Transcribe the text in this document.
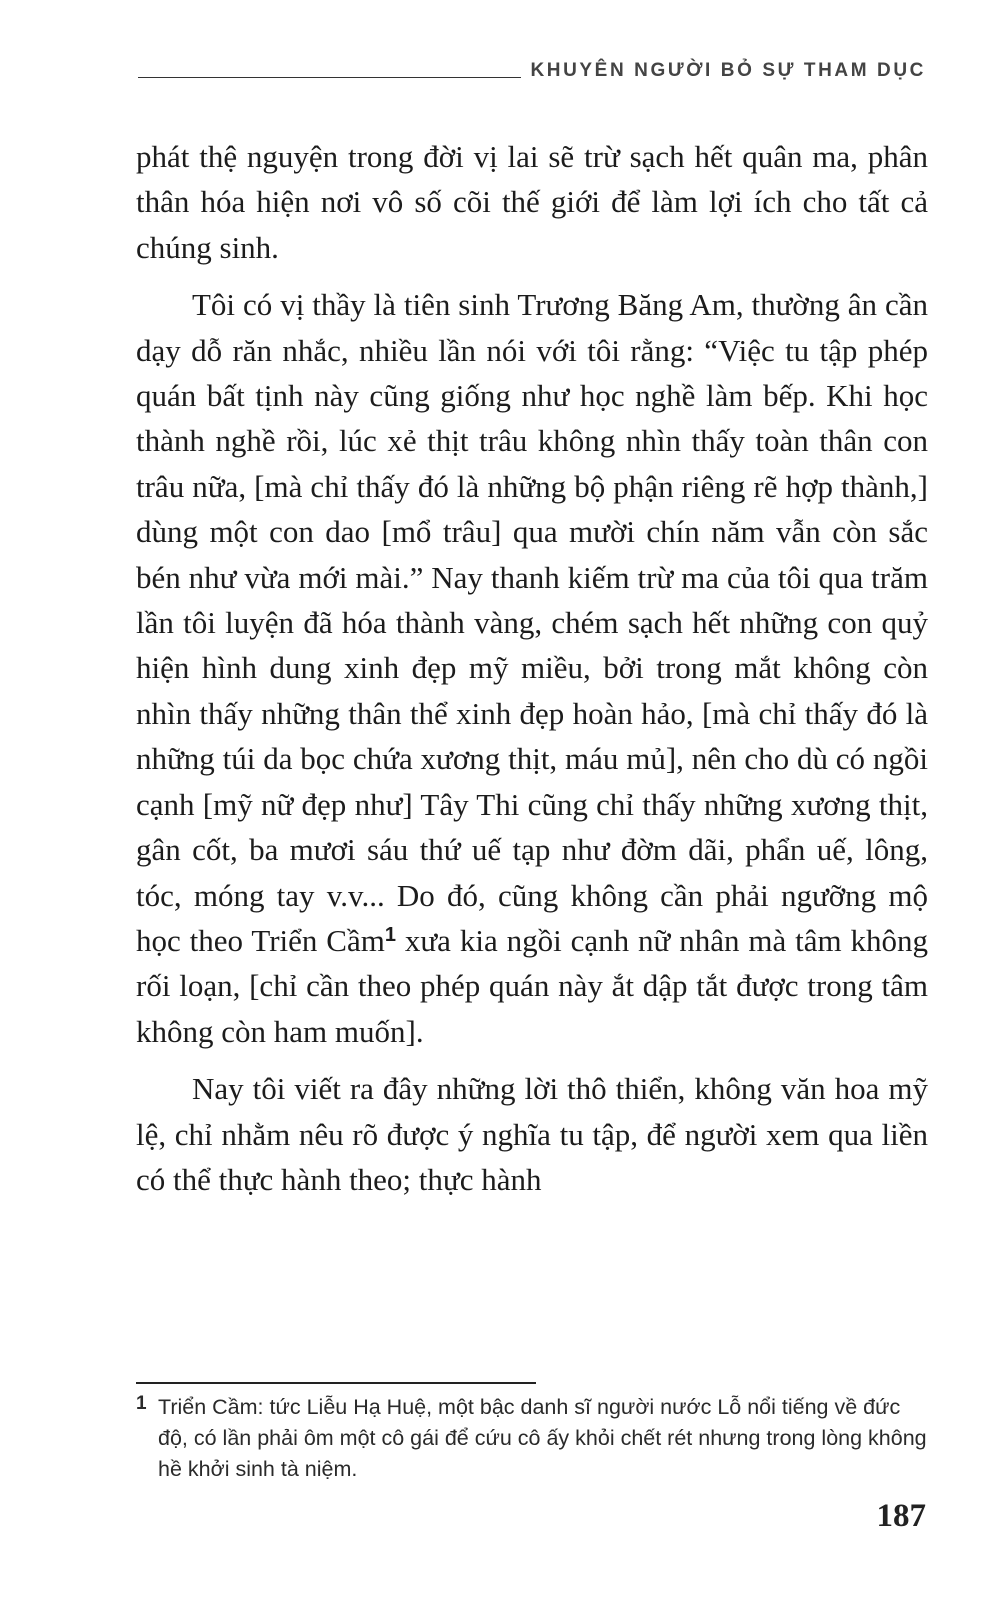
KHUYÊN NGƯỜI BỎ SỰ THAM DỤC

phát thệ nguyện trong đời vị lai sẽ trừ sạch hết quân ma, phân thân hóa hiện nơi vô số cõi thế giới để làm lợi ích cho tất cả chúng sinh.

Tôi có vị thầy là tiên sinh Trương Băng Am, thường ân cần dạy dỗ răn nhắc, nhiều lần nói với tôi rằng: “Việc tu tập phép quán bất tịnh này cũng giống như học nghề làm bếp. Khi học thành nghề rồi, lúc xẻ thịt trâu không nhìn thấy toàn thân con trâu nữa, [mà chỉ thấy đó là những bộ phận riêng rẽ hợp thành,] dùng một con dao [mổ trâu] qua mười chín năm vẫn còn sắc bén như vừa mới mài.” Nay thanh kiếm trừ ma của tôi qua trăm lần tôi luyện đã hóa thành vàng, chém sạch hết những con quỷ hiện hình dung xinh đẹp mỹ miều, bởi trong mắt không còn nhìn thấy những thân thể xinh đẹp hoàn hảo, [mà chỉ thấy đó là những túi da bọc chứa xương thịt, máu mủ], nên cho dù có ngồi cạnh [mỹ nữ đẹp như] Tây Thi cũng chỉ thấy những xương thịt, gân cốt, ba mươi sáu thứ uế tạp như đờm dãi, phẩn uế, lông, tóc, móng tay v.v... Do đó, cũng không cần phải ngưỡng mộ học theo Triển Cầm$^1$ xưa kia ngồi cạnh nữ nhân mà tâm không rối loạn, [chỉ cần theo phép quán này ắt dập tắt được trong tâm không còn ham muốn].

Nay tôi viết ra đây những lời thô thiển, không văn hoa mỹ lệ, chỉ nhằm nêu rõ được ý nghĩa tu tập, để người xem qua liền có thể thực hành theo; thực hành

1 Triển Cầm: tức Liễu Hạ Huệ, một bậc danh sĩ người nước Lỗ nổi tiếng về đức độ, có lần phải ôm một cô gái để cứu cô ấy khỏi chết rét nhưng trong lòng không hề khởi sinh tà niệm.
187
